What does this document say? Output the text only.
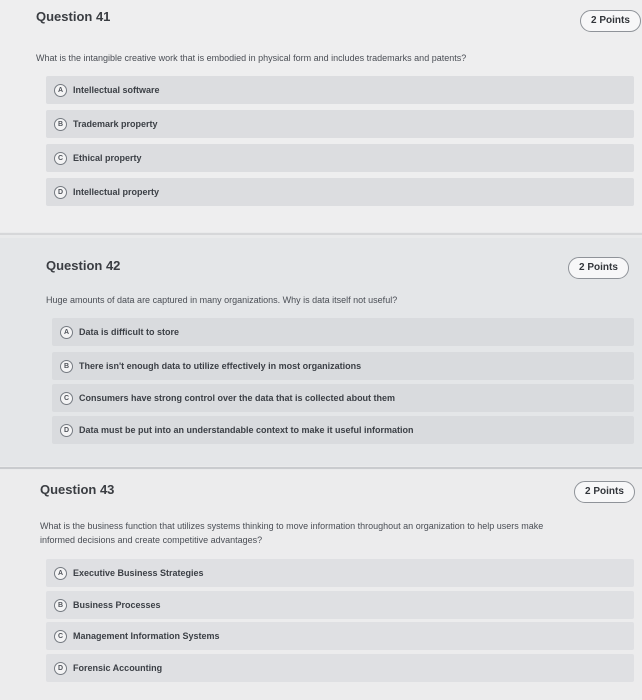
Question 41	2 Points
What is the intangible creative work that is embodied in physical form and includes trademarks and patents?
A	Intellectual software
B	Trademark property
C	Ethical property
D	Intellectual property
Question 42	2 Points
Huge amounts of data are captured in many organizations. Why is data itself not useful?
A	Data is difficult to store
B	There isn't enough data to utilize effectively in most organizations
C	Consumers have strong control over the data that is collected about them
D	Data must be put into an understandable context to make it useful information
Question 43	2 Points
What is the business function that utilizes systems thinking to move information throughout an organization to help users make
informed decisions and create competitive advantages?
A	Executive Business Strategies
B	Business Processes
C	Management Information Systems
D	Forensic Accounting
